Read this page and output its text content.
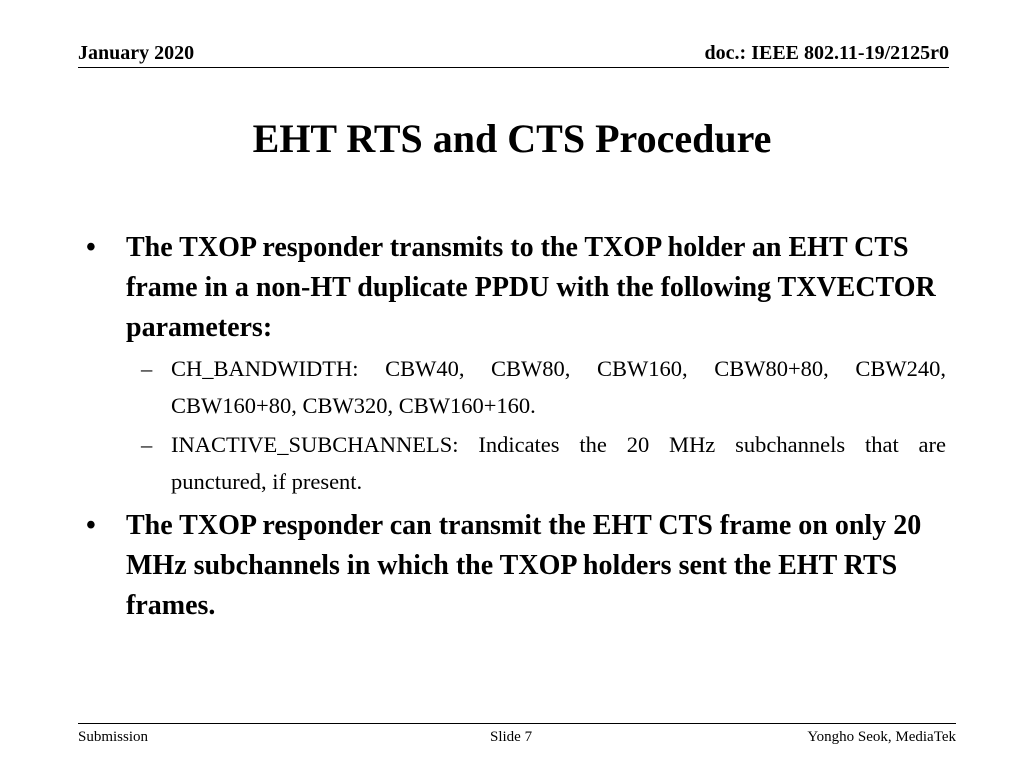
January 2020	doc.: IEEE 802.11-19/2125r0
EHT RTS and CTS Procedure
•	The TXOP responder transmits to the TXOP holder an EHT CTS frame in a non-HT duplicate PPDU with the following TXVECTOR parameters:
– CH_BANDWIDTH: CBW40, CBW80, CBW160, CBW80+80, CBW240, CBW160+80, CBW320, CBW160+160.
– INACTIVE_SUBCHANNELS: Indicates the 20 MHz subchannels that are punctured, if present.
•	The TXOP responder can transmit the EHT CTS frame on only 20 MHz subchannels in which the TXOP holders sent the EHT RTS frames.
Submission	Slide 7	Yongho Seok, MediaTek
